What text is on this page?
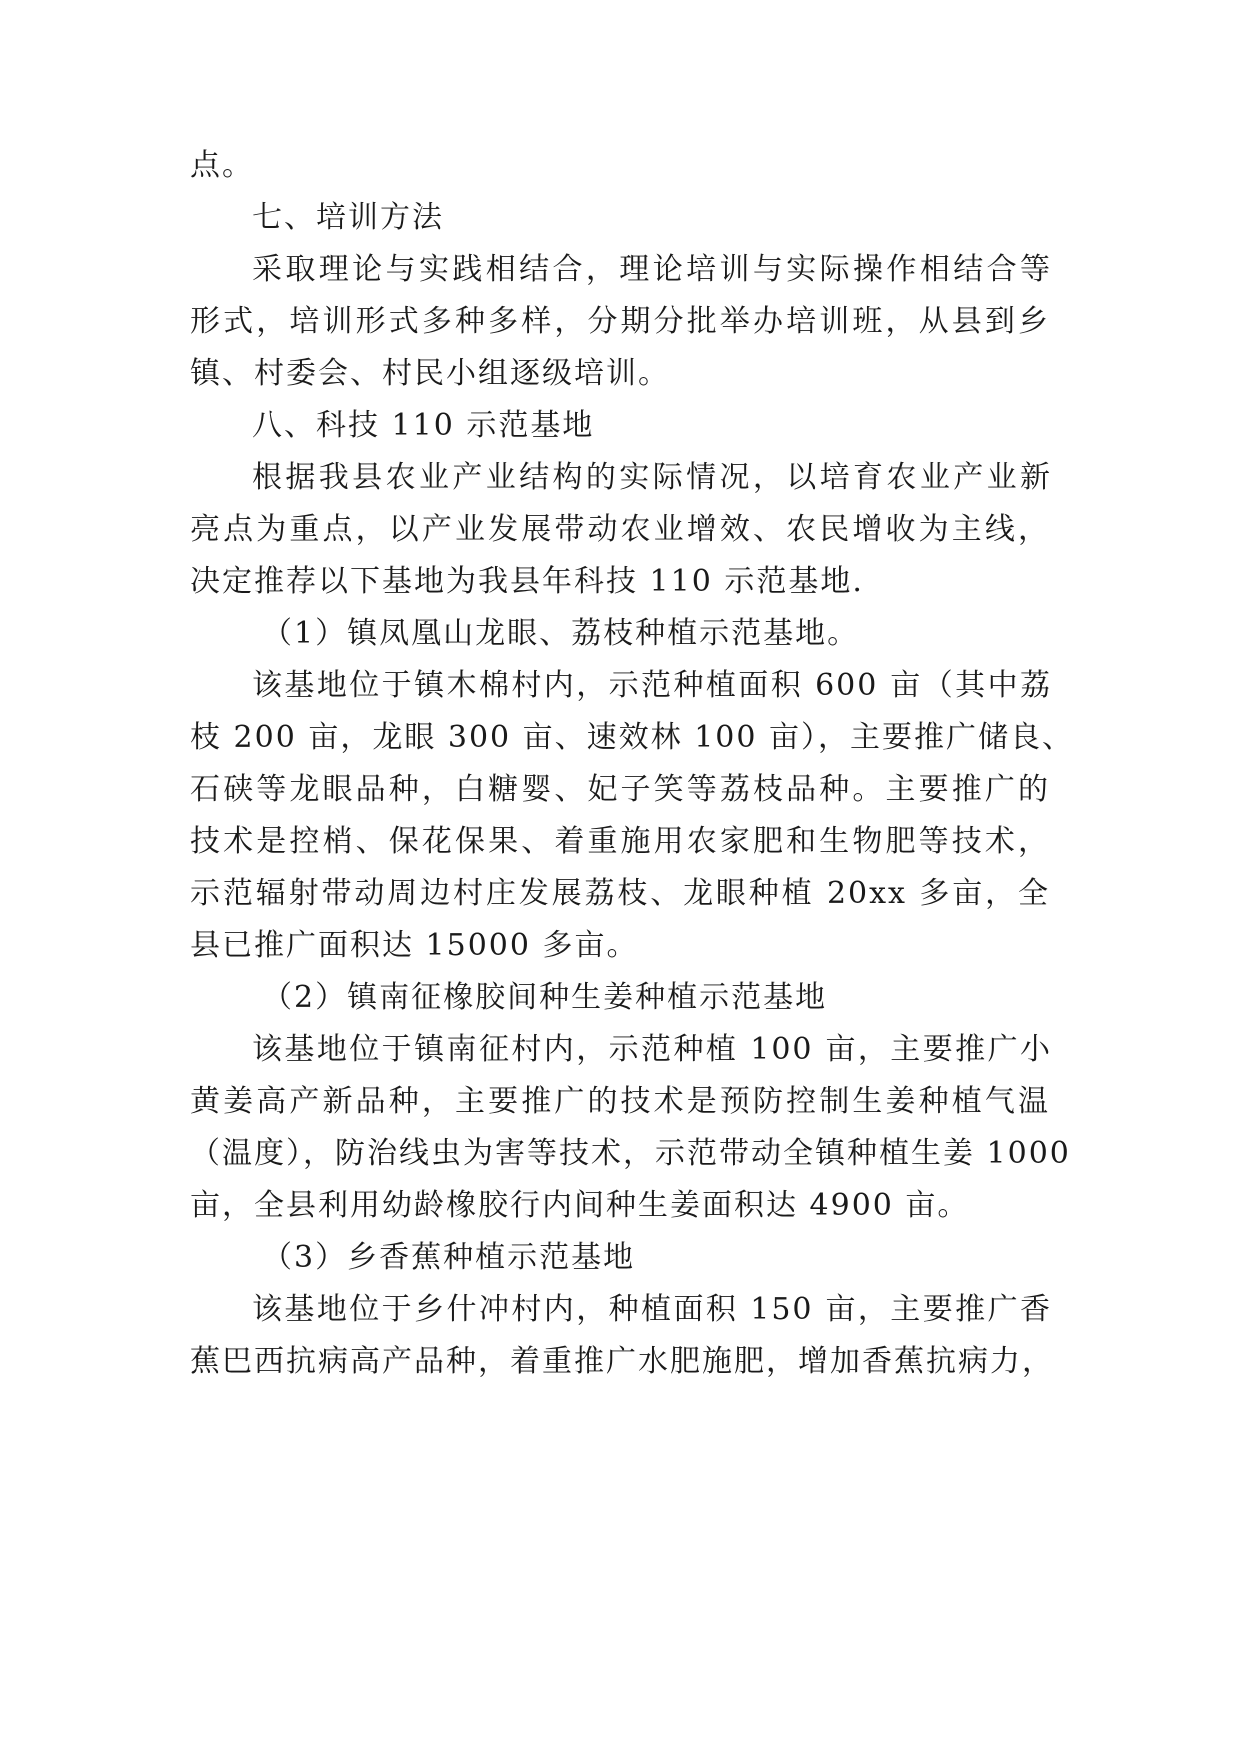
点。
七、培训方法
采取理论与实践相结合，理论培训与实际操作相结合等
形式，培训形式多种多样，分期分批举办培训班，从县到乡
镇、村委会、村民小组逐级培训。
八、科技 110 示范基地
根据我县农业产业结构的实际情况，以培育农业产业新
亮点为重点，以产业发展带动农业增效、农民增收为主线，
决定推荐以下基地为我县年科技 110 示范基地.
（1）镇凤凰山龙眼、荔枝种植示范基地。
该基地位于镇木棉村内，示范种植面积 600 亩（其中荔
枝 200 亩，龙眼 300 亩、速效林 100 亩），主要推广储良、
石硖等龙眼品种，白糖婴、妃子笑等荔枝品种。主要推广的
技术是控梢、保花保果、着重施用农家肥和生物肥等技术，
示范辐射带动周边村庄发展荔枝、龙眼种植 20xx 多亩，全
县已推广面积达 15000 多亩。
（2）镇南征橡胶间种生姜种植示范基地
该基地位于镇南征村内，示范种植 100 亩，主要推广小
黄姜高产新品种，主要推广的技术是预防控制生姜种植气温
（温度），防治线虫为害等技术，示范带动全镇种植生姜 1000
亩，全县利用幼龄橡胶行内间种生姜面积达 4900 亩。
（3）乡香蕉种植示范基地
该基地位于乡什冲村内，种植面积 150 亩，主要推广香
蕉巴西抗病高产品种，着重推广水肥施肥，增加香蕉抗病力，
